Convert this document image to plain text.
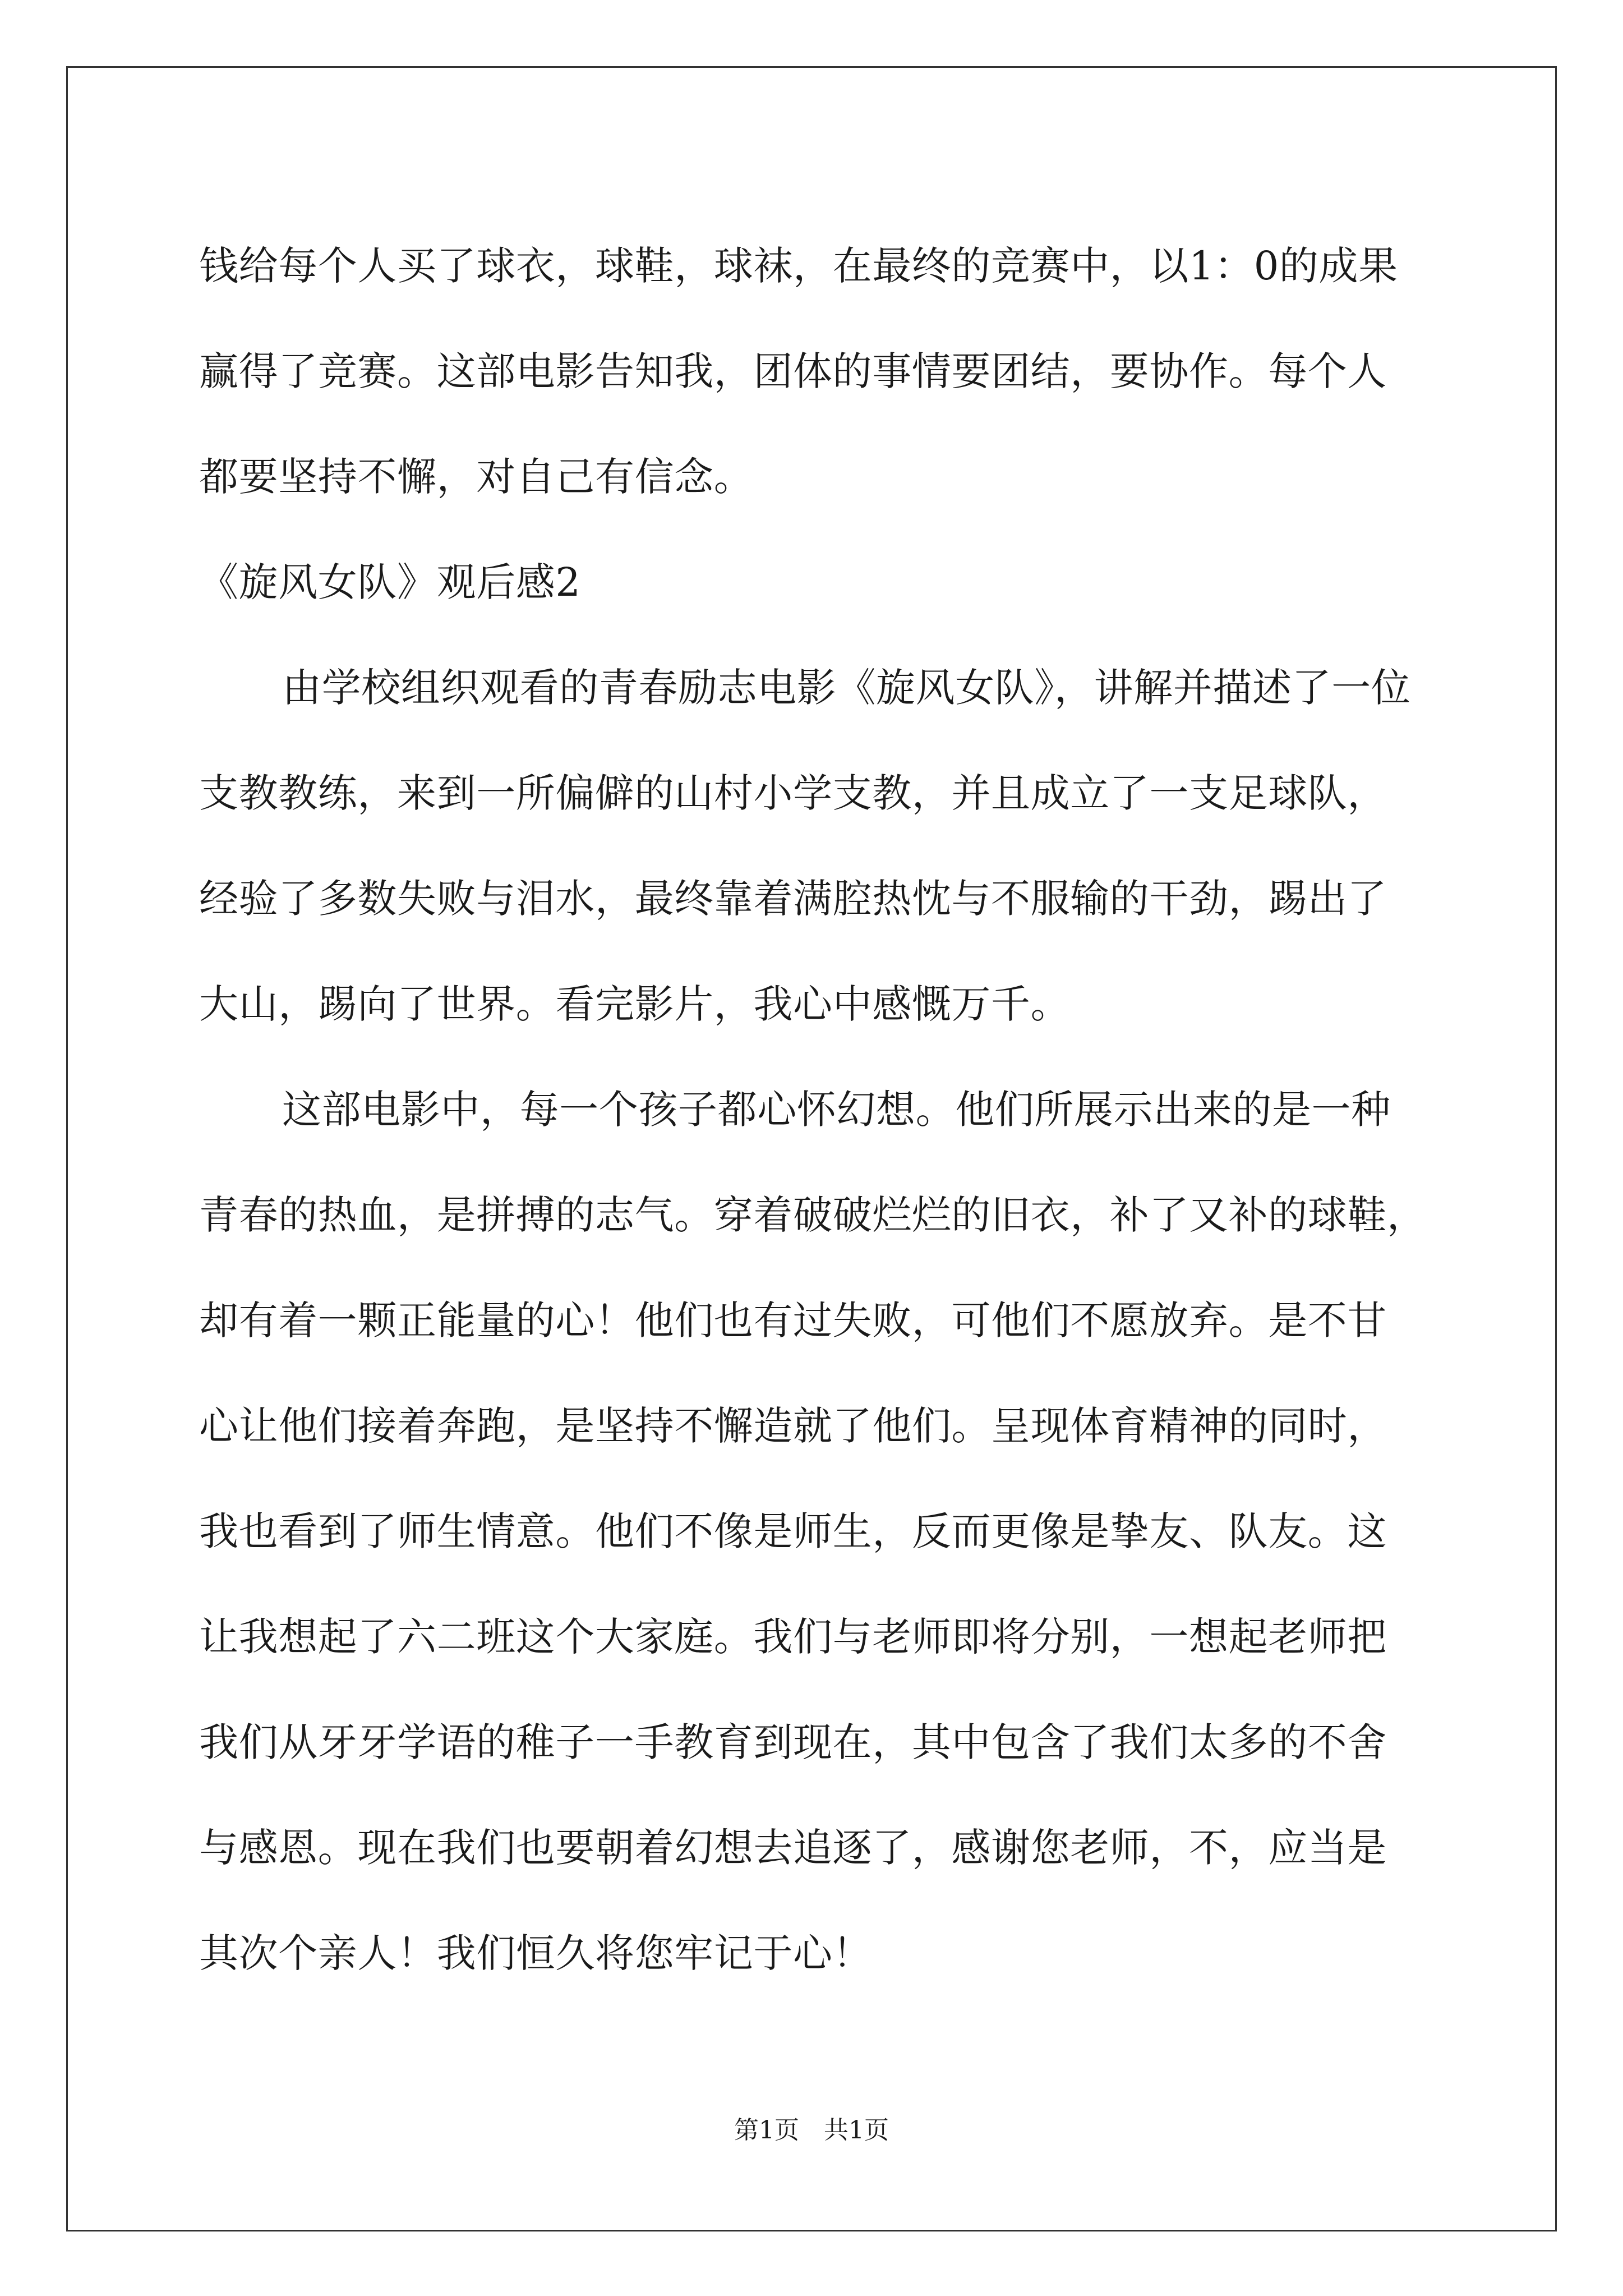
钱给每个人买了球衣，球鞋，球袜，在最终的竞赛中，以1：0的成果
赢得了竞赛。这部电影告知我，团体的事情要团结，要协作。每个人
都要坚持不懈，对自己有信念。
《旋风女队》观后感2
由学校组织观看的青春励志电影《旋风女队》，讲解并描述了一位
支教教练，来到一所偏僻的山村小学支教，并且成立了一支足球队，
经验了多数失败与泪水，最终靠着满腔热忱与不服输的干劲，踢出了
大山，踢向了世界。看完影片，我心中感慨万千。
这部电影中，每一个孩子都心怀幻想。他们所展示出来的是一种
青春的热血，是拼搏的志气。穿着破破烂烂的旧衣，补了又补的球鞋，
却有着一颗正能量的心！他们也有过失败，可他们不愿放弃。是不甘
心让他们接着奔跑，是坚持不懈造就了他们。呈现体育精神的同时，
我也看到了师生情意。他们不像是师生，反而更像是挚友、队友。这
让我想起了六二班这个大家庭。我们与老师即将分别，一想起老师把
我们从牙牙学语的稚子一手教育到现在，其中包含了我们太多的不舍
与感恩。现在我们也要朝着幻想去追逐了，感谢您老师，不，应当是
其次个亲人！我们恒久将您牢记于心！
第1页　共1页
